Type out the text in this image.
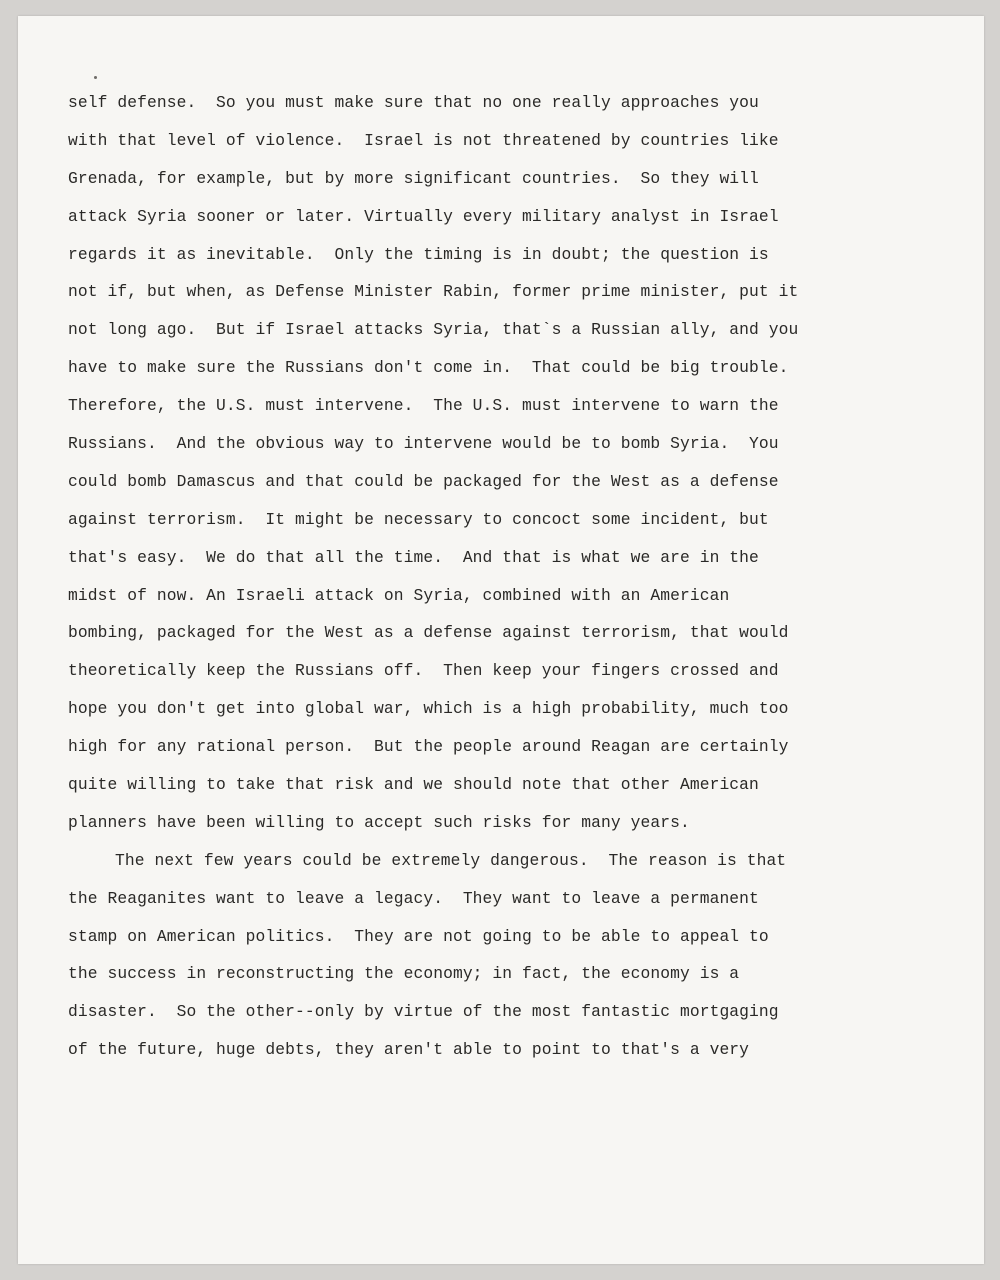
self defense.  So you must make sure that no one really approaches you
with that level of violence.  Israel is not threatened by countries like
Grenada, for example, but by more significant countries.  So they will
attack Syria sooner or later. Virtually every military analyst in Israel
regards it as inevitable.  Only the timing is in doubt; the question is
not if, but when, as Defense Minister Rabin, former prime minister, put it
not long ago.  But if Israel attacks Syria, that`s a Russian ally, and you
have to make sure the Russians don't come in.  That could be big trouble.
Therefore, the U.S. must intervene.  The U.S. must intervene to warn the
Russians.  And the obvious way to intervene would be to bomb Syria.  You
could bomb Damascus and that could be packaged for the West as a defense
against terrorism.  It might be necessary to concoct some incident, but
that's easy.  We do that all the time.  And that is what we are in the
midst of now. An Israeli attack on Syria, combined with an American
bombing, packaged for the West as a defense against terrorism, that would
theoretically keep the Russians off.  Then keep your fingers crossed and
hope you don't get into global war, which is a high probability, much too
high for any rational person.  But the people around Reagan are certainly
quite willing to take that risk and we should note that other American
planners have been willing to accept such risks for many years.
The next few years could be extremely dangerous.  The reason is that
the Reaganites want to leave a legacy.  They want to leave a permanent
stamp on American politics.  They are not going to be able to appeal to
the success in reconstructing the economy; in fact, the economy is a
disaster.  So the other--only by virtue of the most fantastic mortgaging
of the future, huge debts, they aren't able to point to that's a very
